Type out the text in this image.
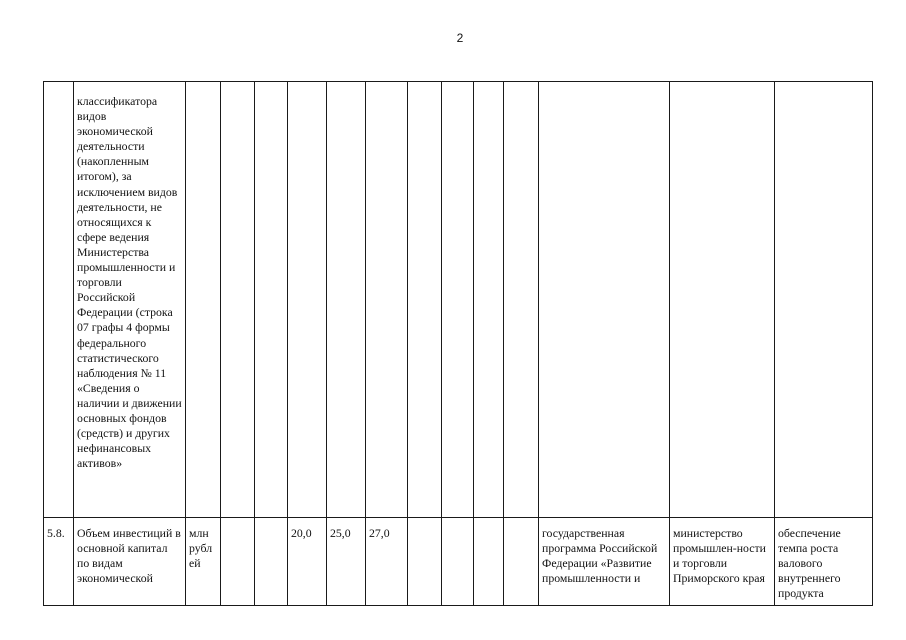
2
	классификатора видов экономической деятельности (накопленным итогом), за исключением видов деятельности, не относящихся к сфере ведения Министерства промышленности и торговли Российской Федерации (строка 07 графы 4 формы федерального статистического наблюдения № 11 «Сведения о наличии и движении основных фондов (средств) и других нефинансовых активов»													
5.8.	Объем инвестиций в основной капитал по видам экономической	млн рубл ей			20,0	25,0	27,0					государственная программа Российской Федерации «Развитие промышленности и	министерство промышлен-ности и торговли Приморского края	обеспечение темпа роста валового внутреннего продукта
